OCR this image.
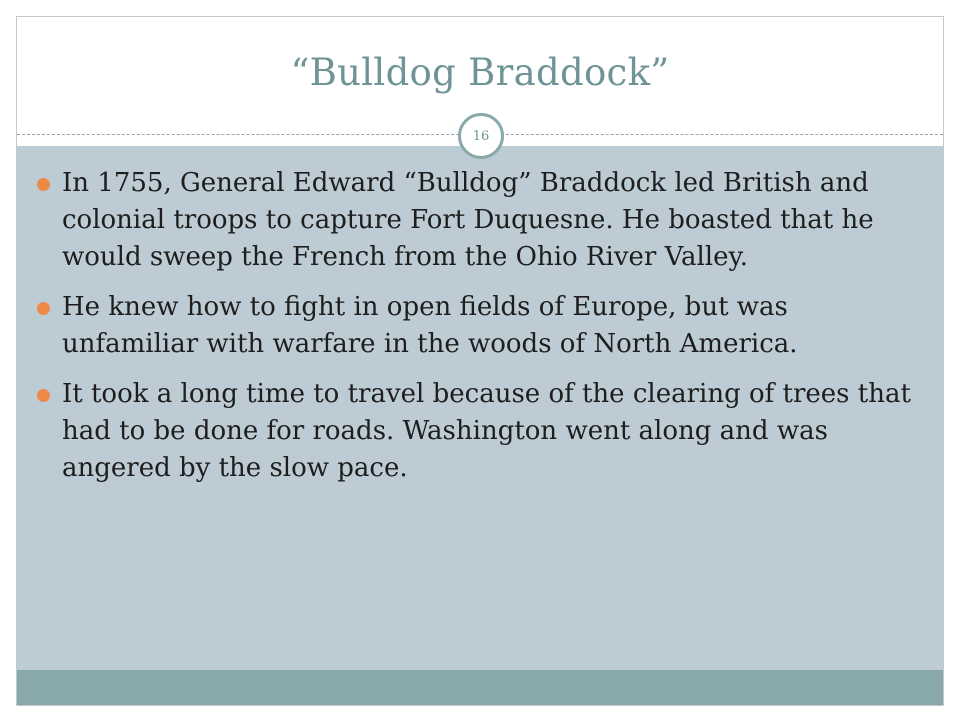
“Bulldog Braddock”
16
In 1755, General Edward “Bulldog” Braddock led British and colonial troops to capture Fort Duquesne. He boasted that he would sweep the French from the Ohio River Valley.
He knew how to fight in open fields of Europe, but was unfamiliar with warfare in the woods of North America.
It took a long time to travel because of the clearing of trees that had to be done for roads. Washington went along and was angered by the slow pace.
